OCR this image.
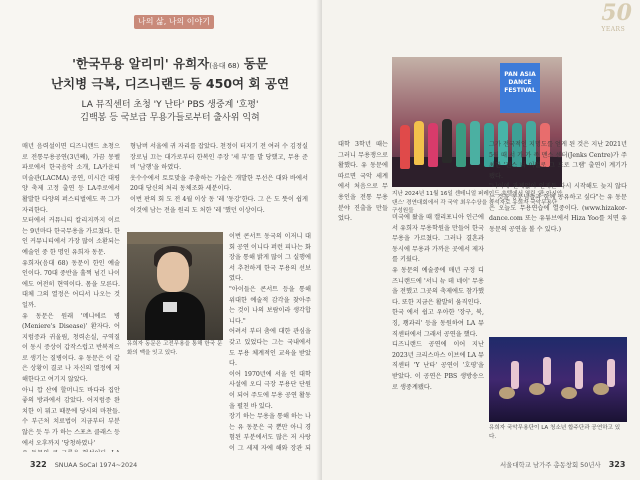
나의 삶, 나의 이야기
'한국무용 알리미' 유희자(음대 68) 동문
난치병 극복, 디즈니랜드 등 450여 회 공연
LA 뮤직센터 초청 'Y 난타' PBS 생중계 '호평'
김백봉 등 국보급 무용가들로부터 출사위 익혀

매년 음력설이면 디즈니랜드 초청으로 전통무용공연(3년째), 가끔 몽펠파로에서 한국음악 소개, LA카운티 미술관(LACMA) 공연, 미시간 대평양 축제 고정 출연 등 LA주로에서 활발한 다양의 퍼스티벌에도 꼭 그가 자리한다.

모터에서 커뮤니티 칼리지까지 이르는 9년마다 한국무용을 가르쳤다. 한인 커뮤니티에서 가장 많이 소환되는 예술인 중 한 명인 유희자 동문.

유희자(음대 68) 동문이 한인 예술인이다. 70대 중반을 훌쩍 넘긴 나이에도 여전히 현역이다. 몸을 모른다. 대체 그의 열정은 어디서 나오는 것일까.

유 동문은 원래 '메니에르 병(Meniere's Disease)' 환자다. 어지럼증과 귀울림, 청력손실, 구역질이 동시 증상이 갑작스럽고 반복적으로 생기는 질병이다. 유 동문은 이 같은 상황이 결코 나 자신의 열정에 저해한다고 여기지 않았다.

아니 깝 산에 할머니도 바다라 집안 좋의 방과에서 감았다. 어지럼증 완치한 이 뭐고 때문에 당시의 마찬들. 수 부근처 치료법이 지금부터 부분 않은 듯 두 가 하는 스포츠 클래스 등에서 오후까지 '당청하였나'

형남버 서울에 귀 자리를 잡았다. 천정이 터지기 전 여러 수 김정실 장로님 끄는 대가로부터 한복인 주장 '세 부'를 발 당했고, 무용 준비 '남행'을 하였다.

옷수수에서 토토맞을 주춤하는 가술은 개발한 무선은 대와 바에서 20대 당신의 처리 동체조화 세분이다.

이번 판의 회 도 전 4월 이상 동 '레 '동강'한다. 그 은 도 뜻이 쉽게 이것에 남는 전을 원리 도 처한 '레 '했던 이상이다.

유희자 동문은 고전무용을 통해 한국 문화의 맥을 잇고 있다.

이번 콘서트 동국의 이저니 대회 공연 이니다 퍼런 피나는 화장을 통해 밝게 많이 그 실행에서 추천하게 한국 무용의 선보였다.

"아이들은 콘서트 등을 통해 위대한 예술적 감각을 찾아주는 것이 나의 보람이라 생각합니다."

어려서 부터 춤에 대한 관심을 갖고 있었다는 그는 국내에서도 무용 체계적인 교육을 받았다.

이어 1970년에 서울 인 대학 사설에 오디 극장 무용단 단원이 되어 주도에 무용 공연 활동을 펼친 바 있다.

장기 하는 무용을 통해 하는 나는 유 동문은 국 뿐만 아니 경험된 부분에서도 많은 저 사랑이 그 세제 자에 해와 장관 되

322 SNUAA SoCal 1974~2024
50
YEARS
PAN ASIA
DANCE
FESTIVAL
지난 2024년 11월 16일 센테니얼 퍼레이드 호텔에서 열린 '판 아시안 댄스' 경연대회에서 각 국악 최우수상을 참석자로 유희자 국악무용단 구성원들

대학 3학년 때는 그러니 무용쟁으로 활했다. 유 동문에 따르면 국악 세계에서 처음으로 무용인을 전통 무용 분야 진출을 만들었다.	미국에 왔을 때 캘리포니아 인근에서 유희자 무용학원을 만들어 한국무용을 가르쳤다. 그러나 결혼과 동시에 무용과 가까운 곳에서 제자를 키웠다.

유 동문의 예술중에 매년 구정 디즈니랜드에 '서니 뉴 데 네이' 무용을 전했고 그곳의 축제에도 참가했다. 또한 지금은 활발히 움직인다.

한국 에서 쉽고 우아한 '장구, 북, 징, 꽹과리' 등을 동원하여 LA 뮤직센터에서 그래서 공연을 했다.

디즈니랜드 공연에 이어 지난 2023년 크리스마스 이브에 LA 뮤직센터 'Y 난타' 공연이 '호평'을 받았다. 이 공연은 PBS 생방송으로 생중계됐다.

그가 전국적인 지명도를 얻게 된 것은 지난 2021년 5월 때 서 가 가 족 맨스 센터(Jenks Centre)가 주최한 '갠스 너 이멀로 그 프로 그램' 출연이 계기가 됐다.

"나이에 관계없이 언제든 다시 시작해도 늦지 않다는 것을 동문님들과 함께 공유하고 싶다"는 유 동문은 오늘도 무용연습에 열중이다. (www.hizakor-dance.com 또는 유튜브에서 Hiza Yoo를 치면 유 동문의 공연을 볼 수 있다.)

유희자 국악무용단이 LA 청소년 합주단과 공연하고 있다.
서울대학교 남가주 총동창회 50년사 323
